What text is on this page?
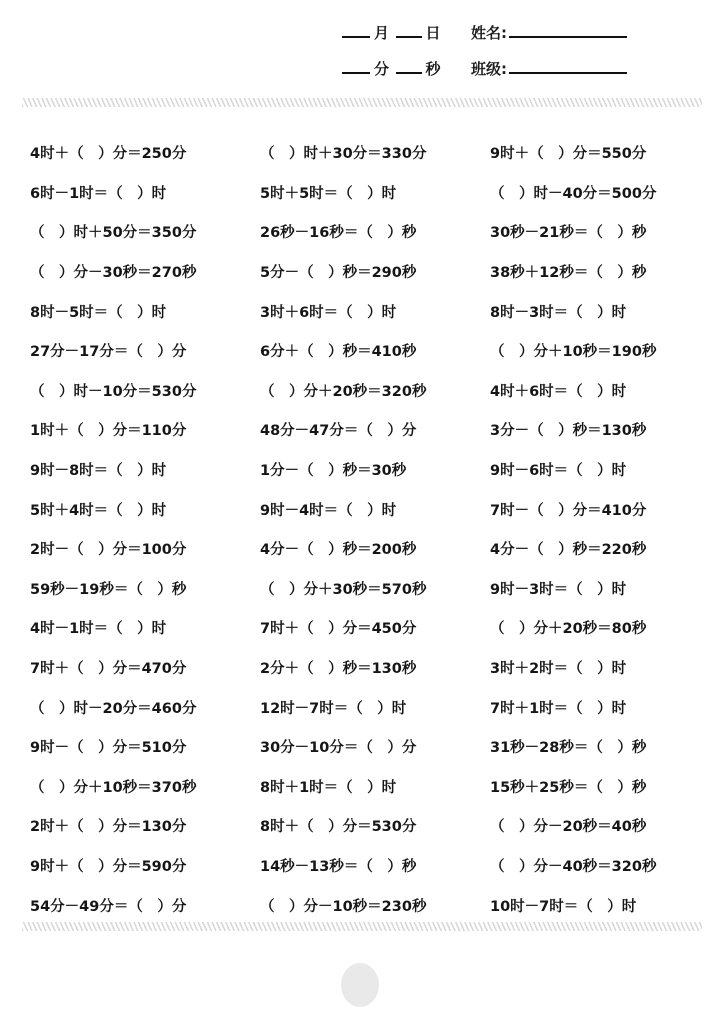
月 日 姓名:
分 秒 班级:
4时＋（　）分＝250分	（　）时＋30分＝330分	9时＋（　）分＝550分
6时－1时＝（　）时	5时＋5时＝（　）时	（　）时－40分＝500分
（　）时＋50分＝350分	26秒－16秒＝（　）秒	30秒－21秒＝（　）秒
（　）分－30秒＝270秒	5分－（　）秒＝290秒	38秒＋12秒＝（　）秒
8时－5时＝（　）时	3时＋6时＝（　）时	8时－3时＝（　）时
27分－17分＝（　）分	6分＋（　）秒＝410秒	（　）分＋10秒＝190秒
（　）时－10分＝530分	（　）分＋20秒＝320秒	4时＋6时＝（　）时
1时＋（　）分＝110分	48分－47分＝（　）分	3分－（　）秒＝130秒
9时－8时＝（　）时	1分－（　）秒＝30秒	9时－6时＝（　）时
5时＋4时＝（　）时	9时－4时＝（　）时	7时－（　）分＝410分
2时－（　）分＝100分	4分－（　）秒＝200秒	4分－（　）秒＝220秒
59秒－19秒＝（　）秒	（　）分＋30秒＝570秒	9时－3时＝（　）时
4时－1时＝（　）时	7时＋（　）分＝450分	（　）分＋20秒＝80秒
7时＋（　）分＝470分	2分＋（　）秒＝130秒	3时＋2时＝（　）时
（　）时－20分＝460分	12时－7时＝（　）时	7时＋1时＝（　）时
9时－（　）分＝510分	30分－10分＝（　）分	31秒－28秒＝（　）秒
（　）分＋10秒＝370秒	8时＋1时＝（　）时	15秒＋25秒＝（　）秒
2时＋（　）分＝130分	8时＋（　）分＝530分	（　）分－20秒＝40秒
9时＋（　）分＝590分	14秒－13秒＝（　）秒	（　）分－40秒＝320秒
54分－49分＝（　）分	（　）分－10秒＝230秒	10时－7时＝（　）时
